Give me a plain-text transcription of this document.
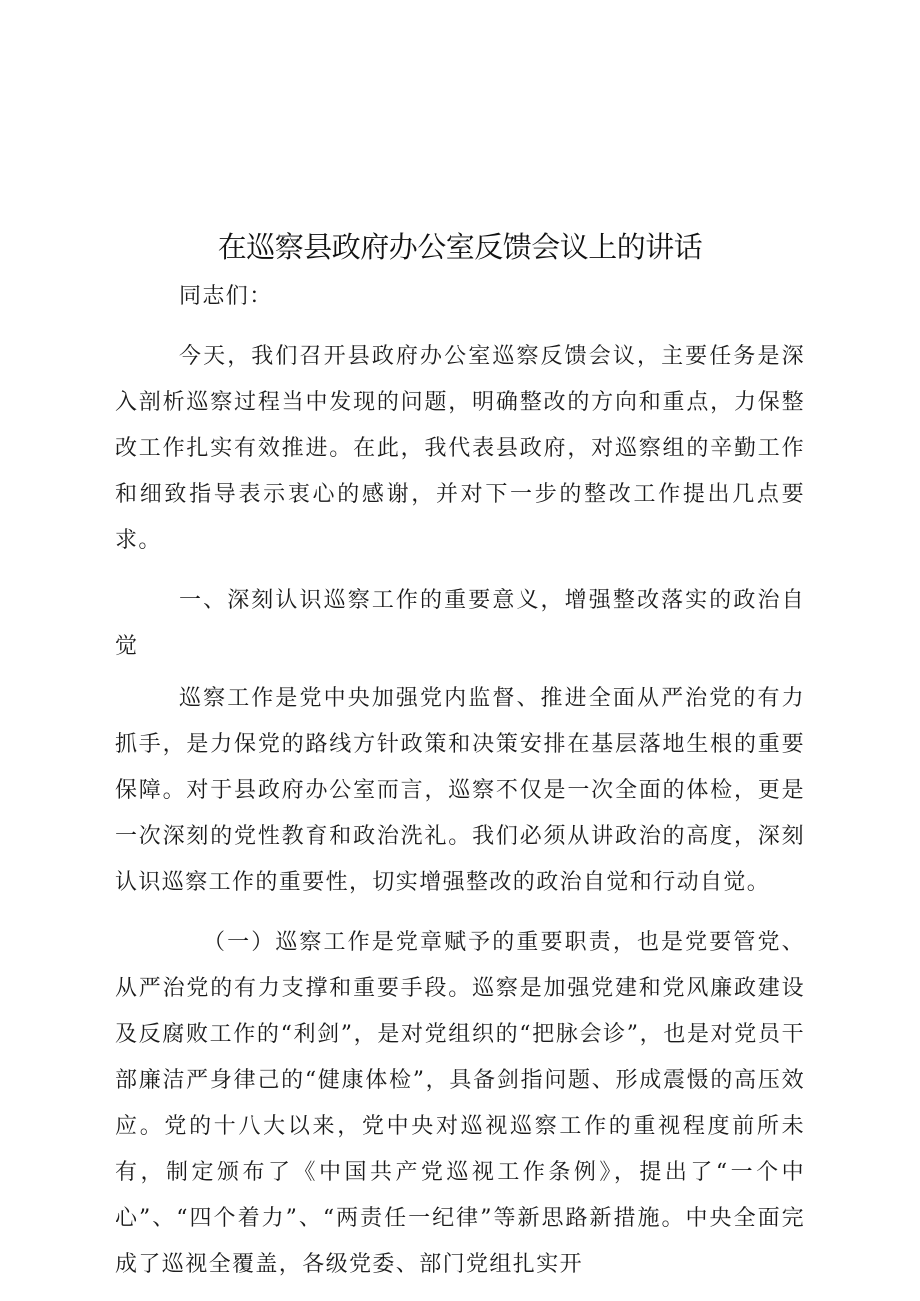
在巡察县政府办公室反馈会议上的讲话

同志们：

今天，我们召开县政府办公室巡察反馈会议，主要任务是深入剖析巡察过程当中发现的问题，明确整改的方向和重点，力保整改工作扎实有效推进。在此，我代表县政府，对巡察组的辛勤工作和细致指导表示衷心的感谢，并对下一步的整改工作提出几点要求。

一、深刻认识巡察工作的重要意义，增强整改落实的政治自觉

巡察工作是党中央加强党内监督、推进全面从严治党的有力抓手，是力保党的路线方针政策和决策安排在基层落地生根的重要保障。对于县政府办公室而言，巡察不仅是一次全面的体检，更是一次深刻的党性教育和政治洗礼。我们必须从讲政治的高度，深刻认识巡察工作的重要性，切实增强整改的政治自觉和行动自觉。

（一）巡察工作是党章赋予的重要职责，也是党要管党、从严治党的有力支撑和重要手段。巡察是加强党建和党风廉政建设及反腐败工作的“利剑”，是对党组织的“把脉会诊”，也是对党员干部廉洁严身律己的“健康体检”，具备剑指问题、形成震慑的高压效应。党的十八大以来，党中央对巡视巡察工作的重视程度前所未有，制定颁布了《中国共产党巡视工作条例》，提出了“一个中心”、“四个着力”、“两责任一纪律”等新思路新措施。中央全面完成了巡视全覆盖，各级党委、部门党组扎实开
